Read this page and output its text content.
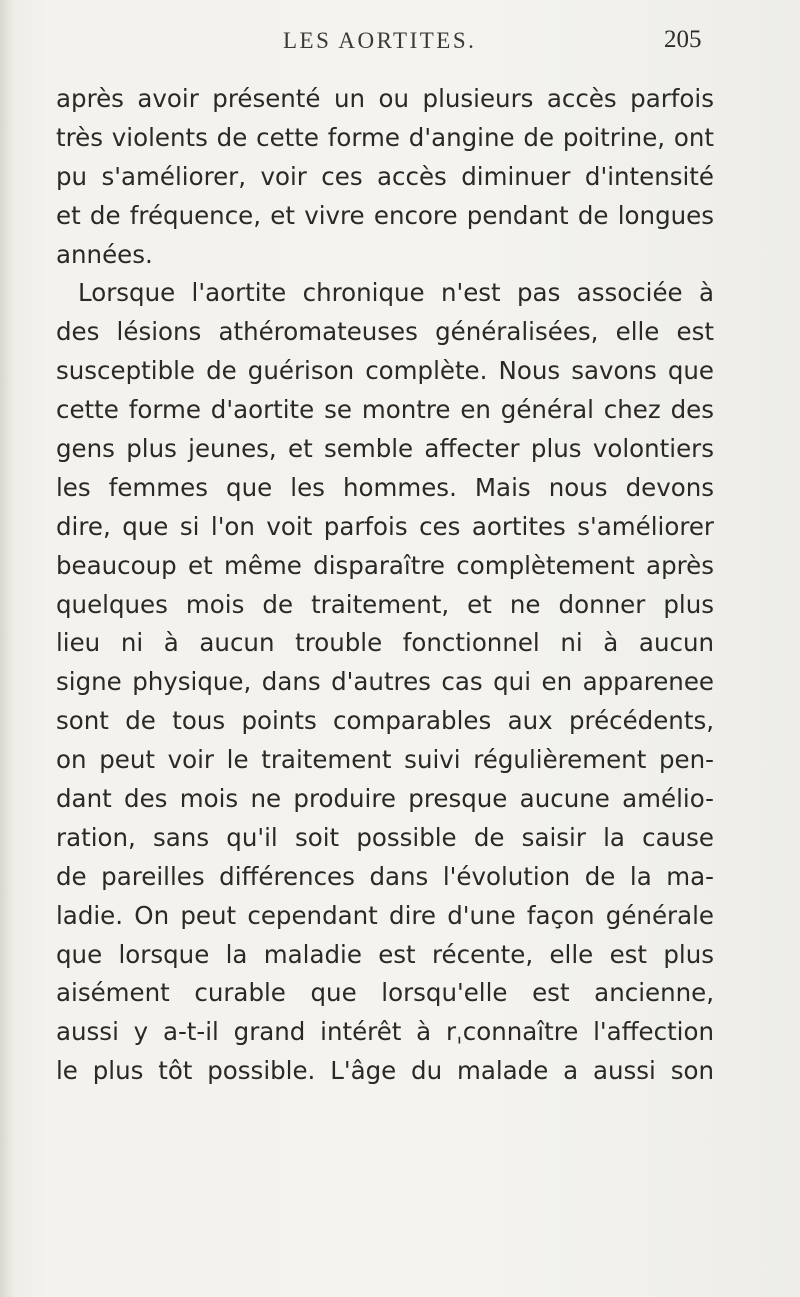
LES AORTITES.	205
après avoir présenté un ou plusieurs accès parfois
très violents de cette forme d'angine de poitrine, ont
pu s'améliorer, voir ces accès diminuer d'intensité
et de fréquence, et vivre encore pendant de longues
années.
Lorsque l'aortite chronique n'est pas associée à
des lésions athéromateuses généralisées, elle est
susceptible de guérison complète. Nous savons que
cette forme d'aortite se montre en général chez des
gens plus jeunes, et semble affecter plus volontiers
les femmes que les hommes. Mais nous devons
dire, que si l'on voit parfois ces aortites s'améliorer
beaucoup et même disparaître complètement après
quelques mois de traitement, et ne donner plus
lieu ni à aucun trouble fonctionnel ni à aucun
signe physique, dans d'autres cas qui en apparenee
sont de tous points comparables aux précédents,
on peut voir le traitement suivi régulièrement pen-
dant des mois ne produire presque aucune amélio-
ration, sans qu'il soit possible de saisir la cause
de pareilles différences dans l'évolution de la ma-
ladie. On peut cependant dire d'une façon générale
que lorsque la maladie est récente, elle est plus
aisément curable que lorsqu'elle est ancienne,
aussi y a-t-il grand intérêt à rˌconnaître l'affection
le plus tôt possible. L'âge du malade a aussi son
